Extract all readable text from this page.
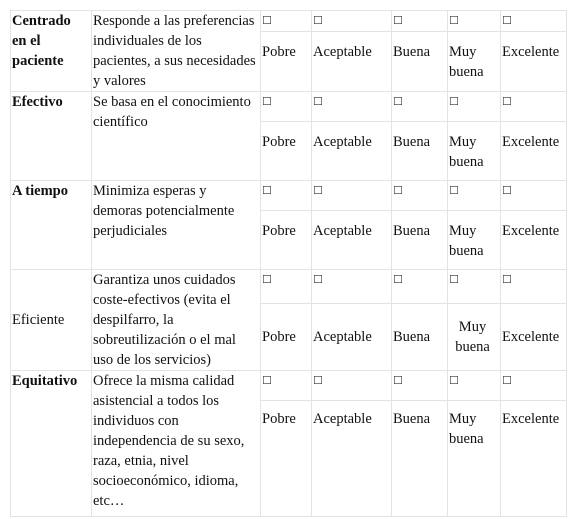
Centrado en el paciente	Responde a las preferencias individuales de los pacientes, a sus necesidades y valores	☐	☐	☐	☐	☐
		Pobre	Aceptable	Buena	Muy buena	Excelente
Efectivo	Se basa en el conocimiento científico	☐	☐	☐	☐	☐
		Pobre	Aceptable	Buena	Muy buena	Excelente
A tiempo	Minimiza esperas y demoras potencialmente perjudiciales	☐	☐	☐	☐	☐
		Pobre	Aceptable	Buena	Muy buena	Excelente
Eficiente	Garantiza unos cuidados coste-efectivos (evita el despilfarro, la sobreutilización o el mal uso de los servicios)	☐	☐	☐	☐	☐
		Pobre	Aceptable	Buena	Muy buena	Excelente
Equitativo	Ofrece la misma calidad asistencial a todos los individuos con independencia de su sexo, raza, etnia, nivel socioeconómico, idioma, etc…	☐	☐	☐	☐	☐
		Pobre	Aceptable	Buena	Muy buena	Excelente
